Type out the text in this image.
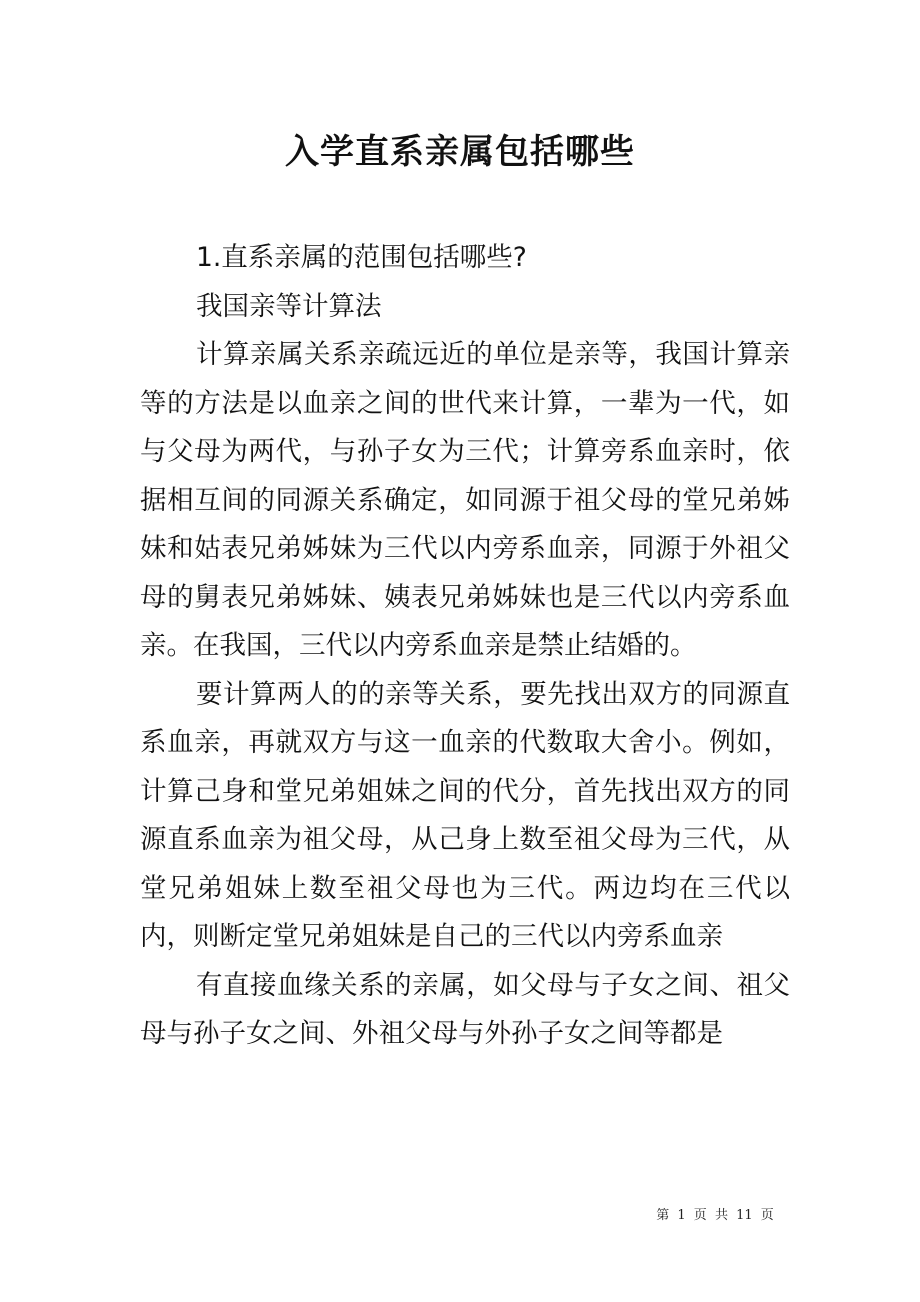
入学直系亲属包括哪些

1.直系亲属的范围包括哪些?

我国亲等计算法

计算亲属关系亲疏远近的单位是亲等，我国计算亲等的方法是以血亲之间的世代来计算，一辈为一代，如与父母为两代，与孙子女为三代；计算旁系血亲时，依据相互间的同源关系确定，如同源于祖父母的堂兄弟姊妹和姑表兄弟姊妹为三代以内旁系血亲，同源于外祖父母的舅表兄弟姊妹、姨表兄弟姊妹也是三代以内旁系血亲。在我国，三代以内旁系血亲是禁止结婚的。

要计算两人的的亲等关系，要先找出双方的同源直系血亲，再就双方与这一血亲的代数取大舍小。例如，计算己身和堂兄弟姐妹之间的代分，首先找出双方的同源直系血亲为祖父母，从己身上数至祖父母为三代，从堂兄弟姐妹上数至祖父母也为三代。两边均在三代以内，则断定堂兄弟姐妹是自己的三代以内旁系血亲

有直接血缘关系的亲属，如父母与子女之间、祖父母与孙子女之间、外祖父母与外孙子女之间等都是

第 1 页 共 11 页
